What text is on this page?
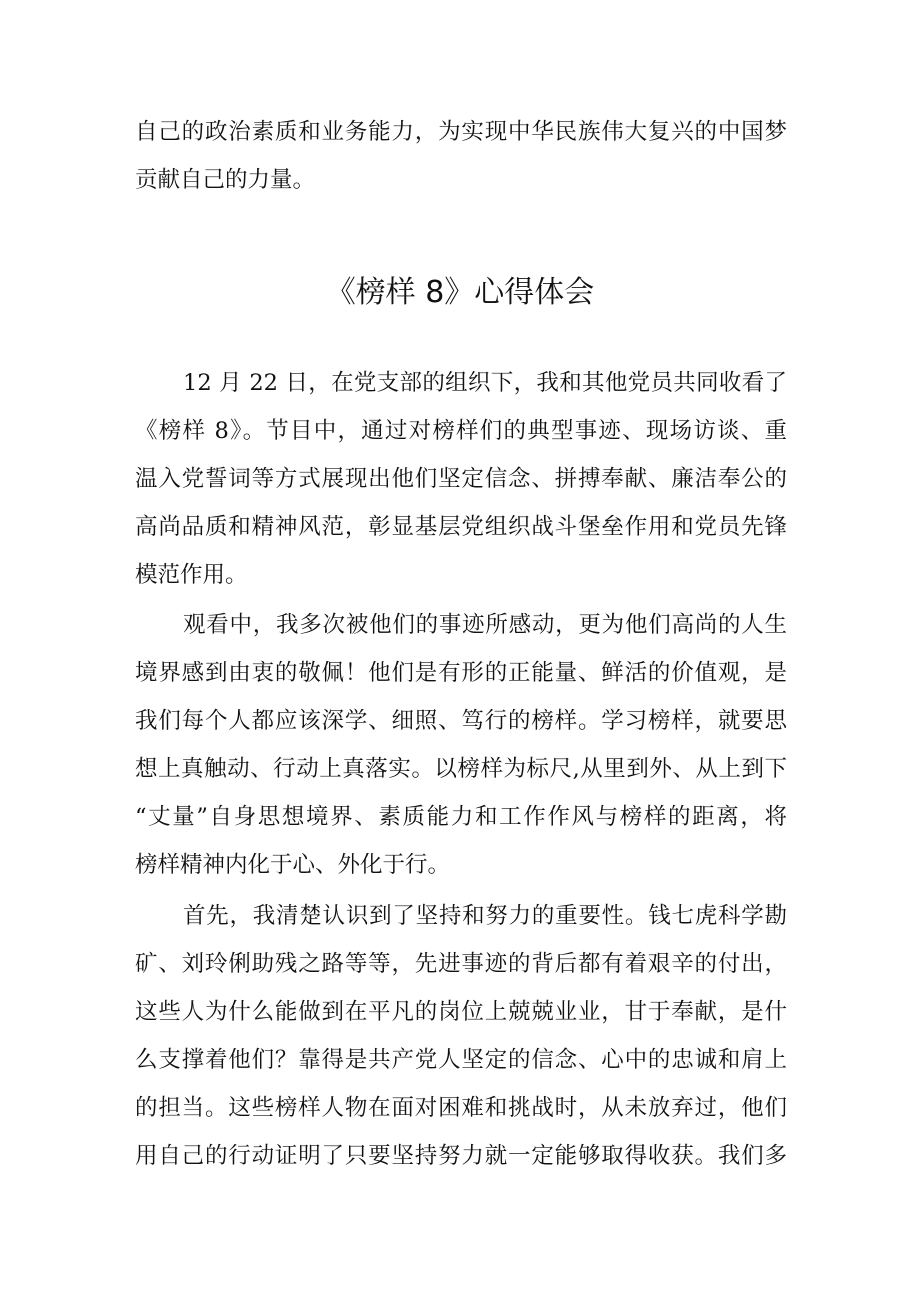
自己的政治素质和业务能力，为实现中华民族伟大复兴的中国梦
贡献自己的力量。
《榜样 8》心得体会
12 月 22 日，在党支部的组织下，我和其他党员共同收看了
《榜样 8》。节目中，通过对榜样们的典型事迹、现场访谈、重
温入党誓词等方式展现出他们坚定信念、拼搏奉献、廉洁奉公的
高尚品质和精神风范，彰显基层党组织战斗堡垒作用和党员先锋
模范作用。
观看中，我多次被他们的事迹所感动，更为他们高尚的人生
境界感到由衷的敬佩！他们是有形的正能量、鲜活的价值观，是
我们每个人都应该深学、细照、笃行的榜样。学习榜样，就要思
想上真触动、行动上真落实。以榜样为标尺,从里到外、从上到下
“丈量”自身思想境界、素质能力和工作作风与榜样的距离，将
榜样精神内化于心、外化于行。
首先，我清楚认识到了坚持和努力的重要性。钱七虎科学勘
矿、刘玲俐助残之路等等，先进事迹的背后都有着艰辛的付出，
这些人为什么能做到在平凡的岗位上兢兢业业，甘于奉献，是什
么支撑着他们？靠得是共产党人坚定的信念、心中的忠诚和肩上
的担当。这些榜样人物在面对困难和挑战时，从未放弃过，他们
用自己的行动证明了只要坚持努力就一定能够取得收获。我们多
